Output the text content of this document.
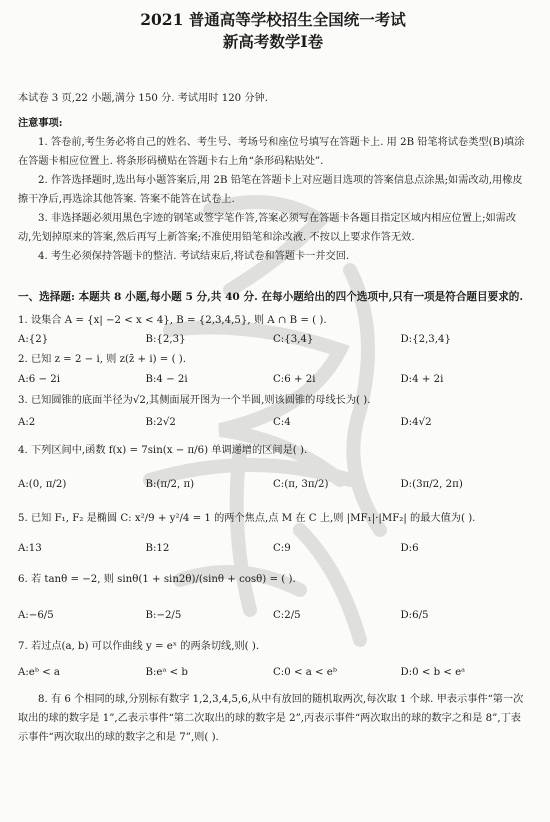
2021 普通高等学校招生全国统一考试
新高考数学Ⅰ卷

本试卷 3 页,22 小题,满分 150 分. 考试用时 120 分钟.

注意事项:

1. 答卷前,考生务必将自己的姓名、考生号、考场号和座位号填写在答题卡上. 用 2B 铅笔将试卷类型(B)填涂在答题卡相应位置上. 将条形码横贴在答题卡右上角“条形码粘贴处”.

2. 作答选择题时,选出每小题答案后,用 2B 铅笔在答题卡上对应题目选项的答案信息点涂黑;如需改动,用橡皮擦干净后,再选涂其他答案. 答案不能答在试卷上.

3. 非选择题必须用黑色字迹的钢笔或签字笔作答,答案必须写在答题卡各题目指定区域内相应位置上;如需改动,先划掉原来的答案,然后再写上新答案;不准使用铅笔和涂改液. 不按以上要求作答无效.

4. 考生必须保持答题卡的整洁. 考试结束后,将试卷和答题卡一并交回.

一、选择题: 本题共 8 小题,每小题 5 分,共 40 分. 在每小题给出的四个选项中,只有一项是符合题目要求的.

1. 设集合 A = {x| −2 < x < 4}, B = {2,3,4,5}, 则 A ∩ B = ( ).
A:{2}	B:{2,3}	C:{3,4}	D:{2,3,4}
2. 已知 z = 2 − i, 则 z(z̄ + i) = ( ).
A:6 − 2i	B:4 − 2i	C:6 + 2i	D:4 + 2i
3. 已知圆锥的底面半径为√2,其侧面展开图为一个半圆,则该圆锥的母线长为( ).
A:2	B:2√2	C:4	D:4√2
4. 下列区间中,函数 f(x) = 7sin(x − π/6) 单调递增的区间是( ).
A:(0, π/2)	B:(π/2, π)	C:(π, 3π/2)	D:(3π/2, 2π)
5. 已知 F₁, F₂ 是椭圆 C: x²/9 + y²/4 = 1 的两个焦点,点 M 在 C 上,则 |MF₁|·|MF₂| 的最大值为( ).
A:13	B:12	C:9	D:6
6. 若 tanθ = −2, 则 sinθ(1 + sin2θ)/(sinθ + cosθ) = ( ).
A:−6/5	B:−2/5	C:2/5	D:6/5
7. 若过点(a, b) 可以作曲线 y = eˣ 的两条切线,则( ).
A:eᵇ < a	B:eᵃ < b	C:0 < a < eᵇ	D:0 < b < eᵃ

8. 有 6 个相同的球,分别标有数字 1,2,3,4,5,6,从中有放回的随机取两次,每次取 1 个球. 甲表示事件“第一次取出的球的数字是 1”,乙表示事件“第二次取出的球的数字是 2”,丙表示事件“两次取出的球的数字之和是 8”,丁表示事件“两次取出的球的数字之和是 7”,则( ).
